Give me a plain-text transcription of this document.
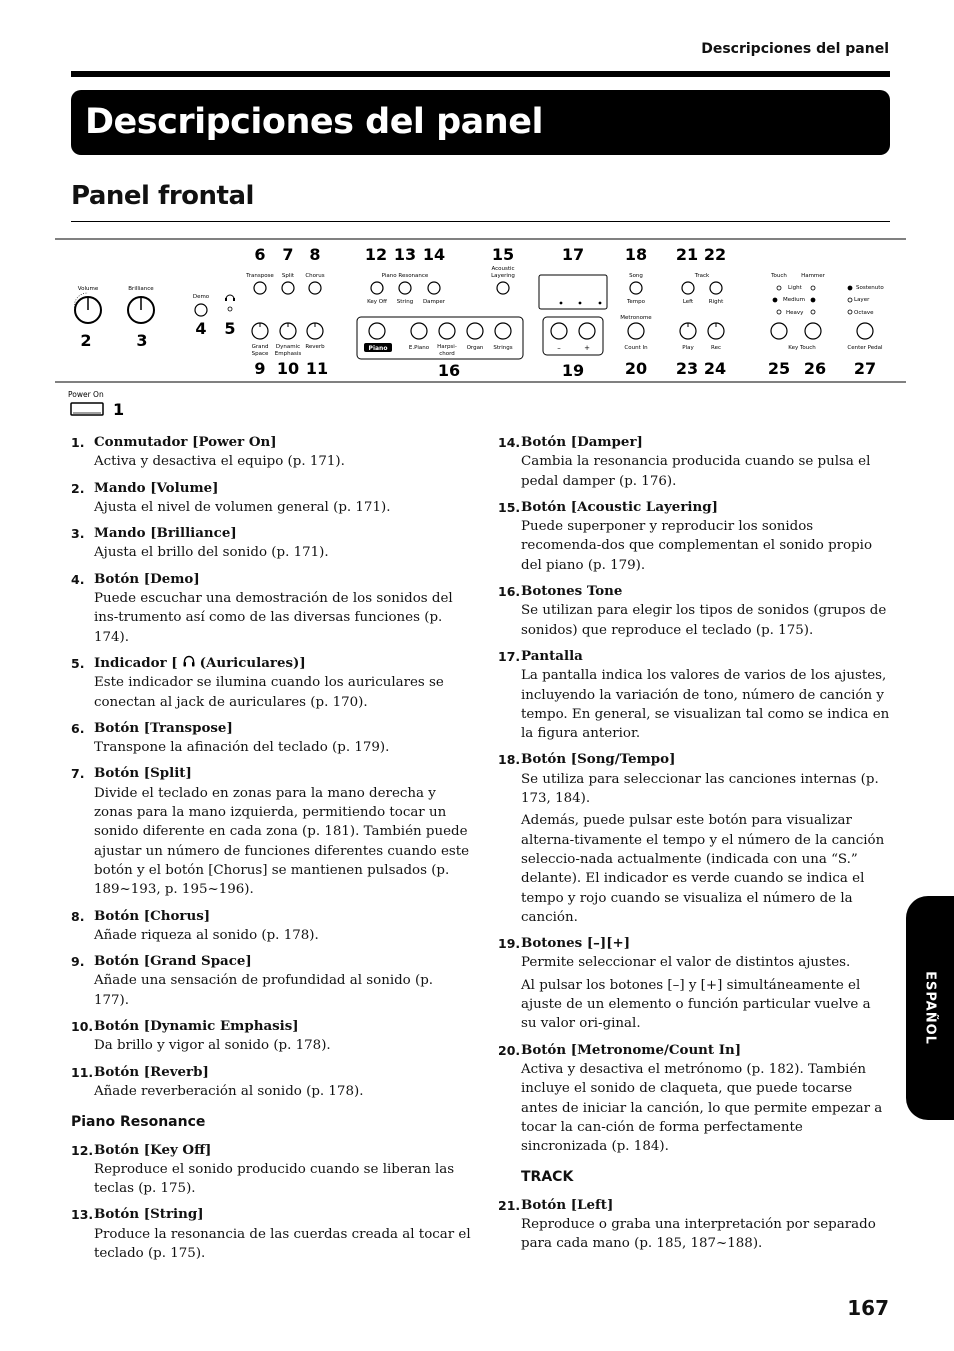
Descripciones del panel
Descripciones del panel
Panel frontal
6 7 8	12 13 14	15	17	18 21 22
2	3
4 5
9 10 11	16	19	20 23 24	25 26 27
Volume	Brilliance
Demo
Transpose Split Chorus
Grand
Space
Dynamic
Emphasis
Reverb
Piano Resonance
Key Off String Damper
Acoustic
Layering
E.Piano Harpsi-
chord
Organ Strings
Song
Tempo
Metronome
Count In
Track
Left	Right
Play	Rec
Touch	Hammer
Key Touch	Center Pedal
Light
Medium
Heavy
Sostenuto
Layer
Octave
Piano	–	+
Power On
1
1. Conmutador [Power On]

Activa y desactiva el equipo (p. 171).

2. Mando [Volume]

Ajusta el nivel de volumen general (p. 171).

3. Mando [Brilliance]

Ajusta el brillo del sonido (p. 171).

4. Botón [Demo]

Puede escuchar una demostración de los sonidos del ins-trumento así como de las diversas funciones (p. 174).

5. Indicador [ (Auriculares)]

Este indicador se ilumina cuando los auriculares se conectan al jack de auriculares (p. 170).

6. Botón [Transpose]

Transpone la afinación del teclado (p. 179).

7. Botón [Split]

Divide el teclado en zonas para la mano derecha y zonas para la mano izquierda, permitiendo tocar un sonido diferente en cada zona (p. 181). También puede ajustar un número de funciones diferentes cuando este botón y el botón [Chorus] se mantienen pulsados (p. 189~193, p. 195~196).

8. Botón [Chorus]

Añade riqueza al sonido (p. 178).

9. Botón [Grand Space]

Añade una sensación de profundidad al sonido (p. 177).

10. Botón [Dynamic Emphasis]

Da brillo y vigor al sonido (p. 178).

11. Botón [Reverb]

Añade reverberación al sonido (p. 178).

Piano Resonance
12. Botón [Key Off]

Reproduce el sonido producido cuando se liberan las teclas (p. 175).

13. Botón [String]

Produce la resonancia de las cuerdas creada al tocar el teclado (p. 175).

14. Botón [Damper]

Cambia la resonancia producida cuando se pulsa el pedal damper (p. 176).

15. Botón [Acoustic Layering]

Puede superponer y reproducir los sonidos recomenda-dos que complementan el sonido propio del piano (p. 179).

16. Botones Tone

Se utilizan para elegir los tipos de sonidos (grupos de sonidos) que reproduce el teclado (p. 175).

17. Pantalla

La pantalla indica los valores de varios de los ajustes, incluyendo la variación de tono, número de canción y tempo. En general, se visualizan tal como se indica en la figura anterior.

18. Botón [Song/Tempo]

Se utiliza para seleccionar las canciones internas (p. 173, 184).

Además, puede pulsar este botón para visualizar alterna-tivamente el tempo y el número de la canción seleccio-nada actualmente (indicada con una “S.” delante). El indicador es verde cuando se indica el tempo y rojo cuando se visualiza el número de la canción.

19. Botones [–][+]

Permite seleccionar el valor de distintos ajustes.

Al pulsar los botones [–] y [+] simultáneamente el ajuste de un elemento o función particular vuelve a su valor ori-ginal.

20. Botón [Metronome/Count In]

Activa y desactiva el metrónomo (p. 182). También incluye el sonido de claqueta, que puede tocarse antes de iniciar la canción, lo que permite empezar a tocar la can-ción de forma perfectamente sincronizada (p. 184).

TRACK
21. Botón [Left]

Reproduce o graba una interpretación por separado para cada mano (p. 185, 187~188).

ESPAÑOL
167
